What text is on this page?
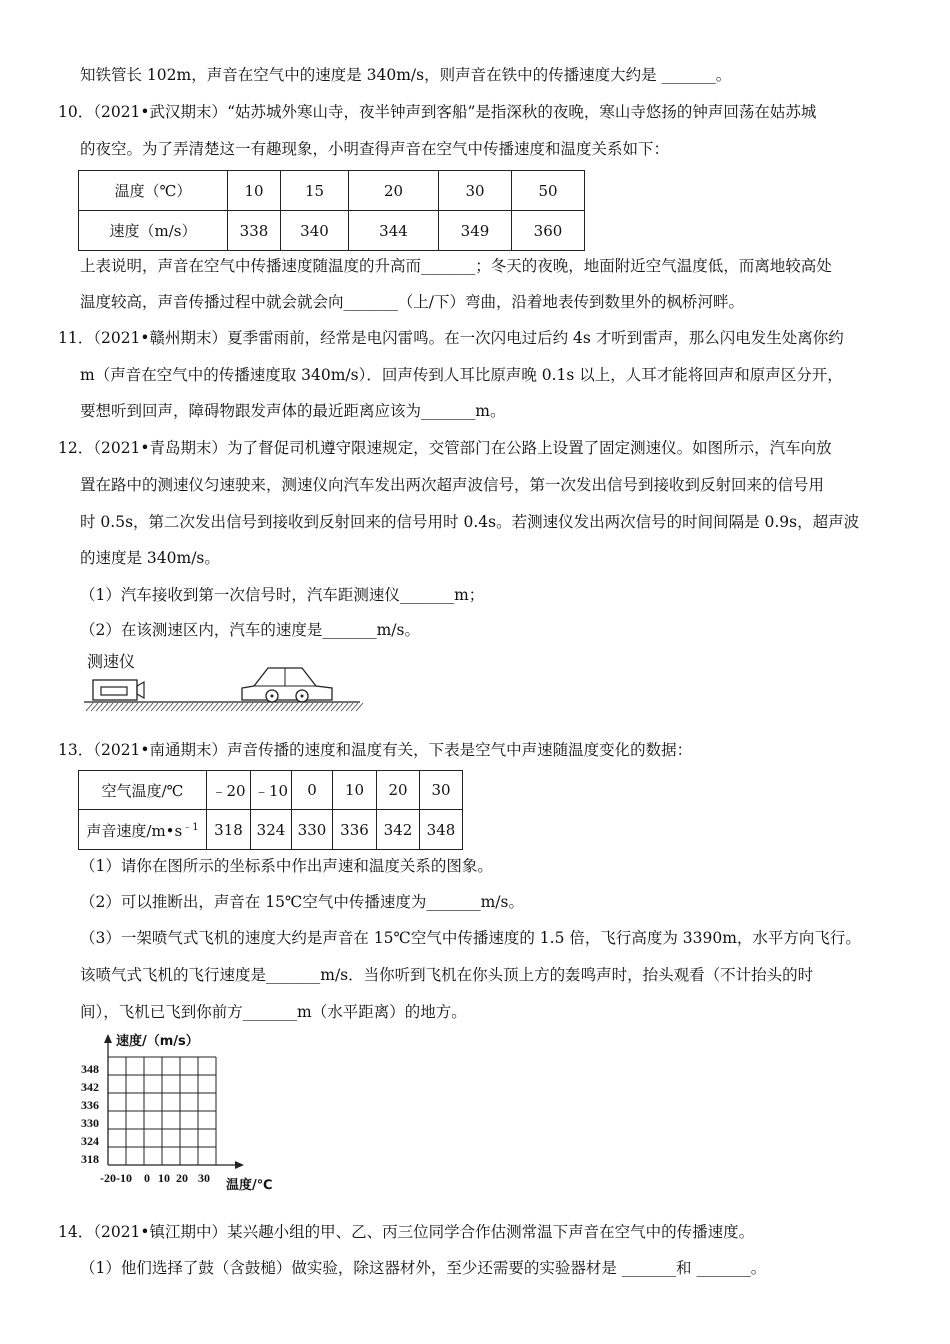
知铁管长 102m，声音在空气中的速度是 340m/s，则声音在铁中的传播速度大约是 _______。
10．（2021•武汉期末）“姑苏城外寒山寺，夜半钟声到客船”是指深秋的夜晚，寒山寺悠扬的钟声回荡在姑苏城
的夜空。为了弄清楚这一有趣现象，小明查得声音在空气中传播速度和温度关系如下：
温度（℃）	10	15	20	30	50
速度（m/s）	338	340	344	349	360
上表说明，声音在空气中传播速度随温度的升高而_______；冬天的夜晚，地面附近空气温度低，而离地较高处
温度较高，声音传播过程中就会就会向_______（上/下）弯曲，沿着地表传到数里外的枫桥河畔。
11．（2021•赣州期末）夏季雷雨前，经常是电闪雷鸣。在一次闪电过后约 4s 才听到雷声，那么闪电发生处离你约
m（声音在空气中的传播速度取 340m/s）．回声传到人耳比原声晚 0.1s 以上，人耳才能将回声和原声区分开，
要想听到回声，障碍物跟发声体的最近距离应该为_______m。
12．（2021•青岛期末）为了督促司机遵守限速规定，交管部门在公路上设置了固定测速仪。如图所示，汽车向放
置在路中的测速仪匀速驶来，测速仪向汽车发出两次超声波信号，第一次发出信号到接收到反射回来的信号用
时 0.5s，第二次发出信号到接收到反射回来的信号用时 0.4s。若测速仪发出两次信号的时间间隔是 0.9s，超声波
的速度是 340m/s。
（1）汽车接收到第一次信号时，汽车距测速仪_______m；
（2）在该测速区内，汽车的速度是_______m/s。
测速仪
13．（2021•南通期末）声音传播的速度和温度有关，下表是空气中声速随温度变化的数据：
空气温度/℃	﹣20	﹣10	0	10	20	30
声音速度$/m•s^{﹣1}$	318	324	330	336	342	348
（1）请你在图所示的坐标系中作出声速和温度关系的图象。
（2）可以推断出，声音在 15℃空气中传播速度为_______m/s。
（3）一架喷气式飞机的速度大约是声音在 15℃空气中传播速度的 1.5 倍，飞行高度为 3390m，水平方向飞行。
该喷气式飞机的飞行速度是_______m/s．当你听到飞机在你头顶上方的轰鸣声时，抬头观看（不计抬头的时
间），飞机已飞到你前方_______m（水平距离）的地方。
速度/（m/s）
温度/℃
348
342
336
330
324
318
-20 -10 0 10 20 30
14．（2021•镇江期中）某兴趣小组的甲、乙、丙三位同学合作估测常温下声音在空气中的传播速度。
（1）他们选择了鼓（含鼓槌）做实验，除这器材外，至少还需要的实验器材是 _______和 _______。
